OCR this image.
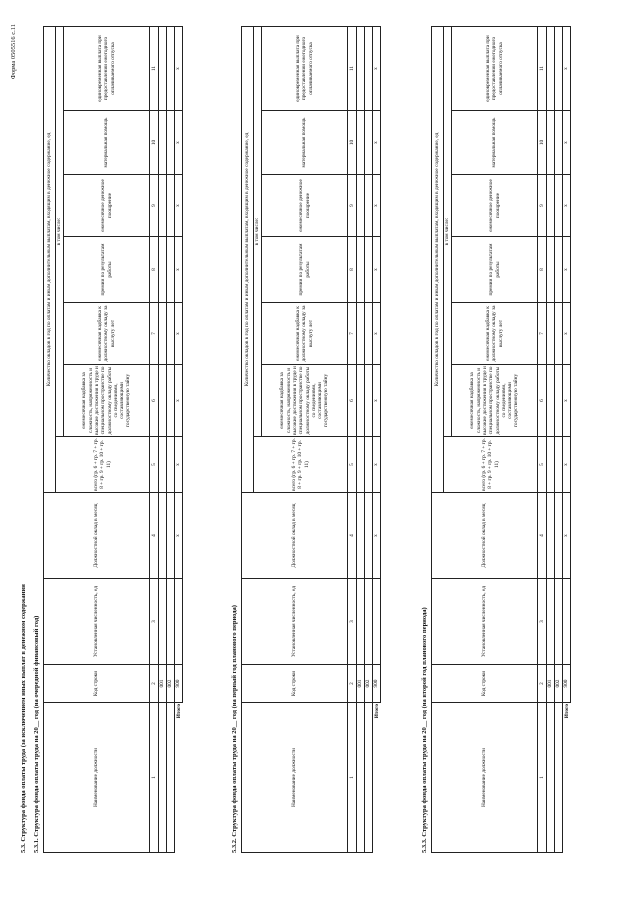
Форма 0505516 с.11
5.3. Структура фонда оплаты труда (за исключением иных выплат в денежном содержании 5.3.1. Структура фонда оплаты труда на 20__ год (на очередной финансовый год)	Наименование должности	Код строки	Установленная численность, ед	Должностной оклад в месяц	Количество окладов в год по оплатам и иным дополнительным выплатам, входящим в денежное содержание, ед						
				всего (гр. 6 + гр. 7 + гр. 8 + гр. 9 + гр. 10 + гр. 11)	в том числе:					
					ежемесячная надбавка за сложность, напряженность и высокие достижения в труде и специальном пространстве по должностному окладу работы со сведениями, составляющими государственную тайну	ежемесячная надбавка к должностному окладу за выслугу лет	премии по результатам работы	ежемесячное денежное поощрение	материальная помощь	единовременная выплата при предоставлении ежегодного оплачиваемого отпуска
1	2	3	4	5	6	7	8	9	10	11
	001									
	002									
Итого	900		x	x	x	x	x	x	x	x
5.3.2. Структура фонда оплаты труда на 20__ год (на первый год планового периода)	Наименование должности	Код строки	Установленная численность, ед	Должностной оклад в месяц	Количество окладов в год по оплатам и иным дополнительным выплатам, входящим в денежное содержание, ед						
				всего (гр. 6 + гр. 7 + гр. 8 + гр. 9 + гр. 10 + гр. 11)	в том числе:					
					ежемесячная надбавка за сложность, напряженность и высокие достижения в труде и специальном пространстве по должностному окладу работы со сведениями, составляющими государственную тайну	ежемесячная надбавка к должностному окладу за выслугу лет	премии по результатам работы	ежемесячное денежное поощрение	материальная помощь	единовременная выплата при предоставлении ежегодного оплачиваемого отпуска
1	2	3	4	5	6	7	8	9	10	11
	001									
	002									
Итого	900		x	x	x	x	x	x	x	x
5.3.3. Структура фонда оплаты труда на 20__ год (на второй год планового периода)	Наименование должности	Код строки	Установленная численность, ед	Должностной оклад в месяц	Количество окладов в год по оплатам и иным дополнительным выплатам, входящим в денежное содержание, ед						
				всего (гр. 6 + гр. 7 + гр. 8 + гр. 9 + гр. 10 + гр. 11)	в том числе:					
					ежемесячная надбавка за сложность, напряженность и высокие достижения в труде и специальном пространстве по должностному окладу работы со сведениями, составляющими государственную тайну	ежемесячная надбавка к должностному окладу за выслугу лет	премии по результатам работы	ежемесячное денежное поощрение	материальная помощь	единовременная выплата при предоставлении ежегодного оплачиваемого отпуска
1	2	3	4	5	6	7	8	9	10	11
	001									
	002									
Итого	900		x	x	x	x	x	x	x	x
